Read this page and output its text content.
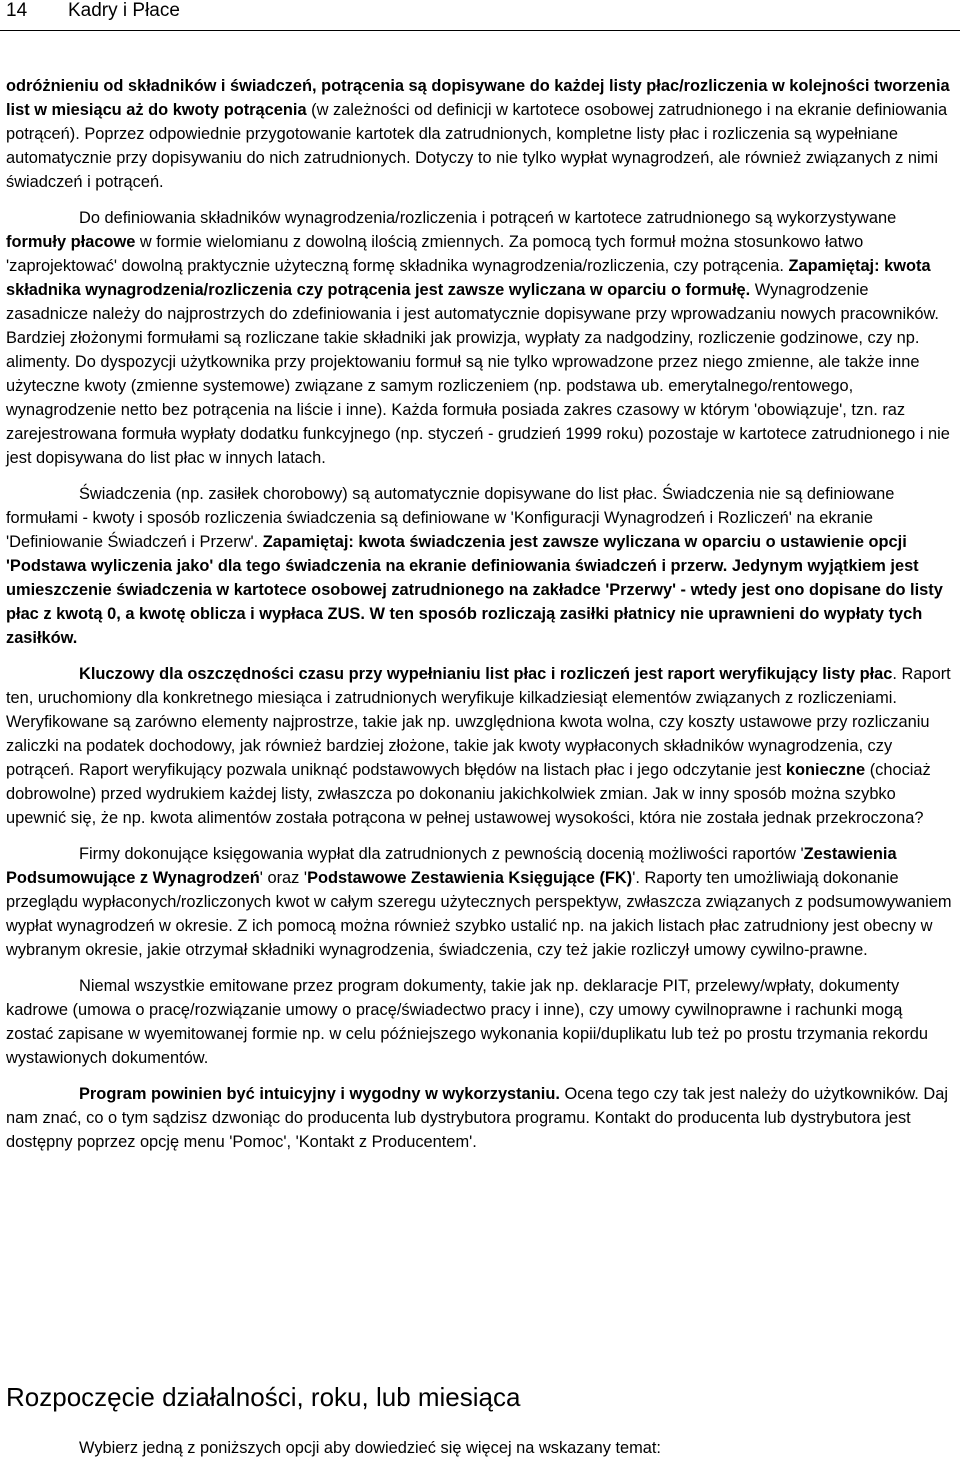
14 Kadry i Płace

odróżnieniu od składników i świadczeń, potrącenia są dopisywane do każdej listy płac/rozliczenia w kolejności tworzenia list w miesiącu aż do kwoty potrącenia (w zależności od definicji w kartotece osobowej zatrudnionego i na ekranie definiowania potrąceń). Poprzez odpowiednie przygotowanie kartotek dla zatrudnionych, kompletne listy płac i rozliczenia są wypełniane automatycznie przy dopisywaniu do nich zatrudnionych. Dotyczy to nie tylko wypłat wynagrodzeń, ale również związanych z nimi świadczeń i potrąceń.

Do definiowania składników wynagrodzenia/rozliczenia i potrąceń w kartotece zatrudnionego są wykorzystywane formuły płacowe w formie wielomianu z dowolną ilością zmiennych. Za pomocą tych formuł można stosunkowo łatwo 'zaprojektować' dowolną praktycznie użyteczną formę składnika wynagrodzenia/rozliczenia, czy potrącenia. Zapamiętaj: kwota składnika wynagrodzenia/rozliczenia czy potrącenia jest zawsze wyliczana w oparciu o formułę. Wynagrodzenie zasadnicze należy do najprostrzych do zdefiniowania i jest automatycznie dopisywane przy wprowadzaniu nowych pracowników. Bardziej złożonymi formułami są rozliczane takie składniki jak prowizja, wypłaty za nadgodziny, rozliczenie godzinowe, czy np. alimenty. Do dyspozycji użytkownika przy projektowaniu formuł są nie tylko wprowadzone przez niego zmienne, ale także inne użyteczne kwoty (zmienne systemowe) związane z samym rozliczeniem (np. podstawa ub. emerytalnego/rentowego, wynagrodzenie netto bez potrącenia na liście i inne). Każda formuła posiada zakres czasowy w którym 'obowiązuje', tzn. raz zarejestrowana formuła wypłaty dodatku funkcyjnego (np. styczeń - grudzień 1999 roku) pozostaje w kartotece zatrudnionego i nie jest dopisywana do list płac w innych latach.

Świadczenia (np. zasiłek chorobowy) są automatycznie dopisywane do list płac. Świadczenia nie są definiowane formułami - kwoty i sposób rozliczenia świadczenia są definiowane w 'Konfiguracji Wynagrodzeń i Rozliczeń' na ekranie 'Definiowanie Świadczeń i Przerw'. Zapamiętaj: kwota świadczenia jest zawsze wyliczana w oparciu o ustawienie opcji 'Podstawa wyliczenia jako' dla tego świadczenia na ekranie definiowania świadczeń i przerw. Jedynym wyjątkiem jest umieszczenie świadczenia w kartotece osobowej zatrudnionego na zakładce 'Przerwy' - wtedy jest ono dopisane do listy płac z kwotą 0, a kwotę oblicza i wypłaca ZUS. W ten sposób rozliczają zasiłki płatnicy nie uprawnieni do wypłaty tych zasiłków.

Kluczowy dla oszczędności czasu przy wypełnianiu list płac i rozliczeń jest raport weryfikujący listy płac. Raport ten, uruchomiony dla konkretnego miesiąca i zatrudnionych weryfikuje kilkadziesiąt elementów związanych z rozliczeniami. Weryfikowane są zarówno elementy najprostrze, takie jak np. uwzględniona kwota wolna, czy koszty ustawowe przy rozliczaniu zaliczki na podatek dochodowy, jak również bardziej złożone, takie jak kwoty wypłaconych składników wynagrodzenia, czy potrąceń. Raport weryfikujący pozwala uniknąć podstawowych błędów na listach płac i jego odczytanie jest konieczne (chociaż dobrowolne) przed wydrukiem każdej listy, zwłaszcza po dokonaniu jakichkolwiek zmian. Jak w inny sposób można szybko upewnić się, że np. kwota alimentów została potrącona w pełnej ustawowej wysokości, która nie została jednak przekroczona?

Firmy dokonujące księgowania wypłat dla zatrudnionych z pewnością docenią możliwości raportów 'Zestawienia Podsumowujące z Wynagrodzeń' oraz 'Podstawowe Zestawienia Księgujące (FK)'. Raporty ten umożliwiają dokonanie przeglądu wypłaconych/rozliczonych kwot w całym szeregu użytecznych perspektyw, zwłaszcza związanych z podsumowywaniem wypłat wynagrodzeń w okresie. Z ich pomocą można również szybko ustalić np. na jakich listach płac zatrudniony jest obecny w wybranym okresie, jakie otrzymał składniki wynagrodzenia, świadczenia, czy też jakie rozliczył umowy cywilno-prawne.

Niemal wszystkie emitowane przez program dokumenty, takie jak np. deklaracje PIT, przelewy/wpłaty, dokumenty kadrowe (umowa o pracę/rozwiązanie umowy o pracę/świadectwo pracy i inne), czy umowy cywilnoprawne i rachunki mogą zostać zapisane w wyemitowanej formie np. w celu późniejszego wykonania kopii/duplikatu lub też po prostu trzymania rekordu wystawionych dokumentów.

Program powinien być intuicyjny i wygodny w wykorzystaniu. Ocena tego czy tak jest należy do użytkowników. Daj nam znać, co o tym sądzisz dzwoniąc do producenta lub dystrybutora programu. Kontakt do producenta lub dystrybutora jest dostępny poprzez opcję menu 'Pomoc', 'Kontakt z Producentem'.

Rozpoczęcie działalności, roku, lub miesiąca

Wybierz jedną z poniższych opcji aby dowiedzieć się więcej na wskazany temat:
